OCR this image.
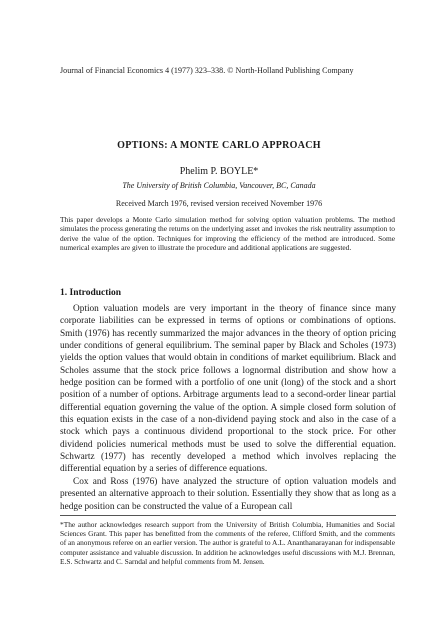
Journal of Financial Economics 4 (1977) 323–338. © North-Holland Publishing Company
OPTIONS: A MONTE CARLO APPROACH
Phelim P. BOYLE*
The University of British Columbia, Vancouver, BC, Canada
Received March 1976, revised version received November 1976
This paper develops a Monte Carlo simulation method for solving option valuation problems. The method simulates the process generating the returns on the underlying asset and invokes the risk neutrality assumption to derive the value of the option. Techniques for improving the efficiency of the method are introduced. Some numerical examples are given to illustrate the procedure and additional applications are suggested.
1. Introduction

Option valuation models are very important in the theory of finance since many corporate liabilities can be expressed in terms of options or combinations of options. Smith (1976) has recently summarized the major advances in the theory of option pricing under conditions of general equilibrium. The seminal paper by Black and Scholes (1973) yields the option values that would obtain in conditions of market equilibrium. Black and Scholes assume that the stock price follows a lognormal distribution and show how a hedge position can be formed with a portfolio of one unit (long) of the stock and a short position of a number of options. Arbitrage arguments lead to a second-order linear partial differential equation governing the value of the option. A simple closed form solution of this equation exists in the case of a non-dividend paying stock and also in the case of a stock which pays a continuous dividend proportional to the stock price. For other dividend policies numerical methods must be used to solve the differential equation. Schwartz (1977) has recently developed a method which involves replacing the differential equation by a series of difference equations.

Cox and Ross (1976) have analyzed the structure of option valuation models and presented an alternative approach to their solution. Essentially they show that as long as a hedge position can be constructed the value of a European call

*The author acknowledges research support from the University of British Columbia, Humanities and Social Sciences Grant. This paper has benefitted from the comments of the referee, Clifford Smith, and the comments of an anonymous referee on an earlier version. The author is grateful to A.L. Ananthanarayanan for indispensable computer assistance and valuable discussion. In addition he acknowledges useful discussions with M.J. Brennan, E.S. Schwartz and C. Sarndal and helpful comments from M. Jensen.
